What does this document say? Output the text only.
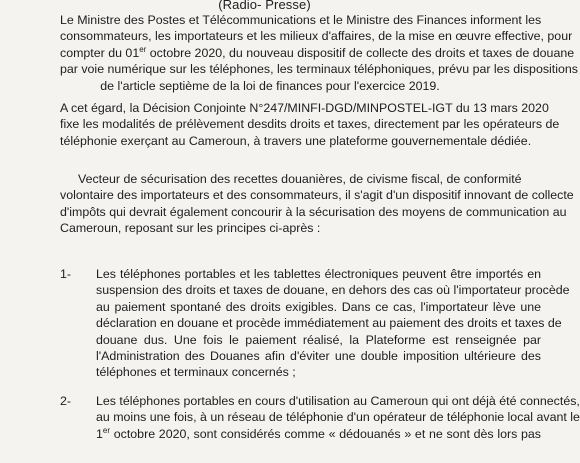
(Radio- Presse)
Le Ministre des Postes et Télécommunications et le Ministre des Finances informent les
consommateurs, les importateurs et les milieux d'affaires, de la mise en œuvre effective, pour
compter du 01er octobre 2020, du nouveau dispositif de collecte des droits et taxes de douane
par voie numérique sur les téléphones, les terminaux téléphoniques, prévu par les dispositions
de l'article septième de la loi de finances pour l'exercice 2019.
A cet égard, la Décision Conjointe N°247/MINFI-DGD/MINPOSTEL-IGT du 13 mars 2020
fixe les modalités de prélèvement desdits droits et taxes, directement par les opérateurs de
téléphonie exerçant au Cameroun, à travers une plateforme gouvernementale dédiée.
Vecteur de sécurisation des recettes douanières, de civisme fiscal, de conformité
volontaire des importateurs et des consommateurs, il s'agit d'un dispositif innovant de collecte
d'impôts qui devrait également concourir à la sécurisation des moyens de communication au
Cameroun, reposant sur les principes ci-après :
1-	Les téléphones portables et les tablettes électroniques peuvent être importés en
suspension des droits et taxes de douane, en dehors des cas où l'importateur procède
au paiement spontané des droits exigibles. Dans ce cas, l'importateur lève une
déclaration en douane et procède immédiatement au paiement des droits et taxes de
douane dus. Une fois le paiement réalisé, la Plateforme est renseignée par
l'Administration des Douanes afin d'éviter une double imposition ultérieure des
téléphones et terminaux concernés ;
2-	Les téléphones portables en cours d'utilisation au Cameroun qui ont déjà été connectés,
au moins une fois, à un réseau de téléphonie d'un opérateur de téléphonie local avant le
1er octobre 2020, sont considérés comme « dédouanés » et ne sont dès lors pas
